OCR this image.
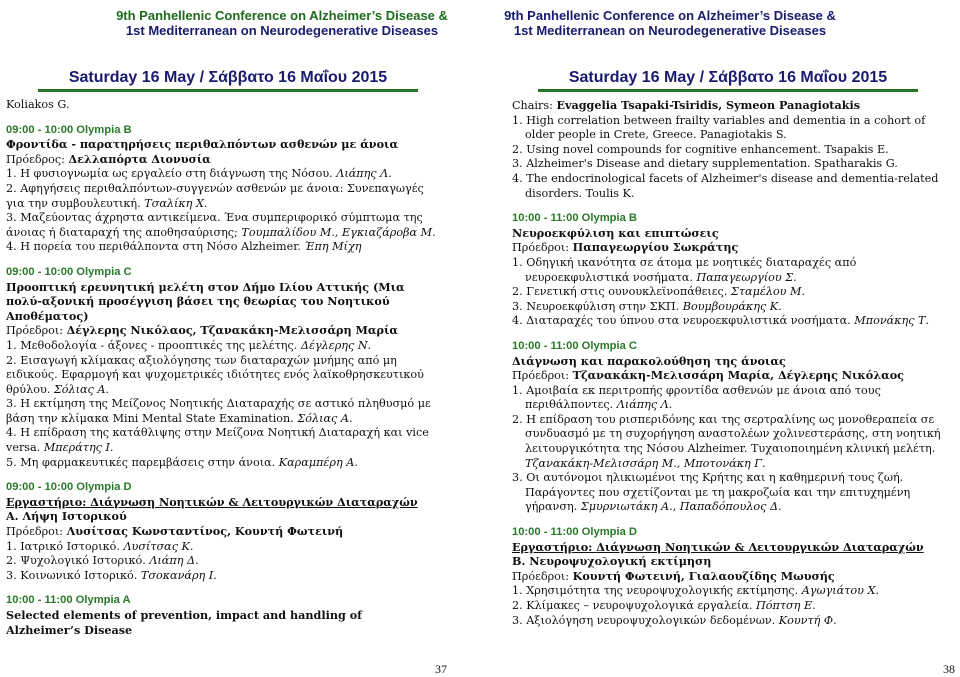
9th Panhellenic Conference on Alzheimer’s Disease &
1st Mediterranean on Neurodegenerative Diseases
Saturday 16 May / Σάββατο 16 Μαΐου 2015

Koliakos G.

09:00 - 10:00 Olympia B

Φροντίδα - παρατηρήσεις περιθαλπόντων ασθενών με άνοια

Πρόεδρος: Δελλαπόρτα Διονυσία

1. Η φυσιογνωμία ως εργαλείο στη διάγνωση της Νόσου. Λιάπης Λ.

2. Αφηγήσεις περιθαλπόντων-συγγενών ασθενών με άνοια: Συνεπαγωγές για την συμβουλευτική. Τσαλίκη Χ.

3. Μαζεύοντας άχρηστα αντικείμενα. Ένα συμπεριφορικό σύμπτωμα της άνοιας ή διαταραχή της αποθησαύρισης; Τουμπαλίδου Μ., Εγκιαζάροβα Μ.

4. Η πορεία του περιθάλποντα στη Νόσο Alzheimer. Έπη Μίχη

09:00 - 10:00 Olympia C

Προοπτική ερευνητική μελέτη στον Δήμο Ιλίου Αττικής (Μια πολύ-αξονική προσέγγιση βάσει της θεωρίας του Νοητικού Αποθέματος)

Πρόεδροι: Δέγλερης Νικόλαος, Τζανακάκη-Μελισσάρη Μαρία

1. Μεθοδολογία - άξονες - προοπτικές της μελέτης. Δέγλερης Ν.

2. Εισαγωγή κλίμακας αξιολόγησης των διαταραχών μνήμης από μη ειδικούς. Εφαρμογή και ψυχομετρικές ιδιότητες ενός λαϊκοθρησκευτικού θρύλου. Σόλιας Α.

3. Η εκτίμηση της Μείζονος Νοητικής Διαταραχής σε αστικό πληθυσμό με βάση την κλίμακα Mini Mental State Examination. Σόλιας Α.

4. Η επίδραση της κατάθλιψης στην Μείζονα Νοητική Διαταραχή και vice versa. Μπεράτης Ι.

5. Μη φαρμακευτικές παρεμβάσεις στην άνοια. Καραμπέρη Α.

09:00 - 10:00 Olympia D

Εργαστήριο: Διάγνωση Νοητικών & Λειτουργικών Διαταραχών

Α. Λήψη Ιστορικού

Πρόεδροι: Λυσίτσας Κωνσταντίνος, Κουντή Φωτεινή

1. Ιατρικό Ιστορικό. Λυσίτσας Κ.

2. Ψυχολογικό Ιστορικό. Λιάπη Δ.

3. Κοινωνικό Ιστορικό. Τσοκανάρη Ι.

10:00 - 11:00 Olympia A

Selected elements of prevention, impact and handling of Alzheimer’s Disease

37
9th Panhellenic Conference on Alzheimer’s Disease &
1st Mediterranean on Neurodegenerative Diseases
Saturday 16 May / Σάββατο 16 Μαΐου 2015

Chairs: Evaggelia Tsapaki-Tsiridis, Symeon Panagiotakis

1. High correlation between frailty variables and dementia in a cohort of older people in Crete, Greece. Panagiotakis S.

2. Using novel compounds for cognitive enhancement. Tsapakis E.

3. Alzheimer's Disease and dietary supplementation. Spatharakis G.

4. The endocrinological facets of Alzheimer's disease and dementia-related disorders. Toulis K.

10:00 - 11:00 Olympia B

Νευροεκφύλιση και επιπτώσεις

Πρόεδροι: Παπαγεωργίου Σωκράτης

1. Οδηγική ικανότητα σε άτομα με νοητικές διαταραχές από νευροεκφυλιστικά νοσήματα. Παπαγεωργίου Σ.

2. Γενετική στις ουνουκλεϊνοπάθειες. Σταμέλου Μ.

3. Νευροεκφύλιση στην ΣΚΠ. Βουμβουράκης Κ.

4. Διαταραχές του ύπνου στα νευροεκφυλιστικά νοσήματα. Μπονάκης Τ.

10:00 - 11:00 Olympia C

Διάγνωση και παρακολούθηση της άνοιας

Πρόεδροι: Τζανακάκη-Μελισσάρη Μαρία, Δέγλερης Νικόλαος

1. Αμοιβαία εκ περιτροπής φροντίδα ασθενών με άνοια από τους περιθάλποντες. Λιάπης Λ.

2. Η επίδραση του ρισπεριδόνης και της σερτραλίνης ως μονοθεραπεία σε συνδυασμό με τη συχορήγηση αναστολέων χολινεστεράσης, στη νοητική λειτουργικότητα της Νόσου Alzheimer. Τυχαιοποιημένη κλινική μελέτη. Τζανακάκη-Μελισσάρη Μ., Μποτονάκη Γ.

3. Οι αυτόνομοι ηλικιωμένοι της Κρήτης και η καθημερινή τους ζωή. Παράγοντες που σχετίζονται με τη μακροζωία και την επιτυχημένη γήρανση. Σμυρνιωτάκη Α., Παπαδόπουλος Δ.

10:00 - 11:00 Olympia D

Εργαστήριο: Διάγνωση Νοητικών & Λειτουργικών Διαταραχών

Β. Νευροψυχολογική εκτίμηση

Πρόεδροι: Κουντή Φωτεινή, Γιαλαουζίδης Μωυσής

1. Χρησιμότητα της νευροψυχολογικής εκτίμησης. Αγωγιάτου Χ.

2. Κλίμακες – νευροψυχολογικά εργαλεία. Πόπτση Ε.

3. Αξιολόγηση νευροψυχολογικών δεδομένων. Κουντή Φ.

38
